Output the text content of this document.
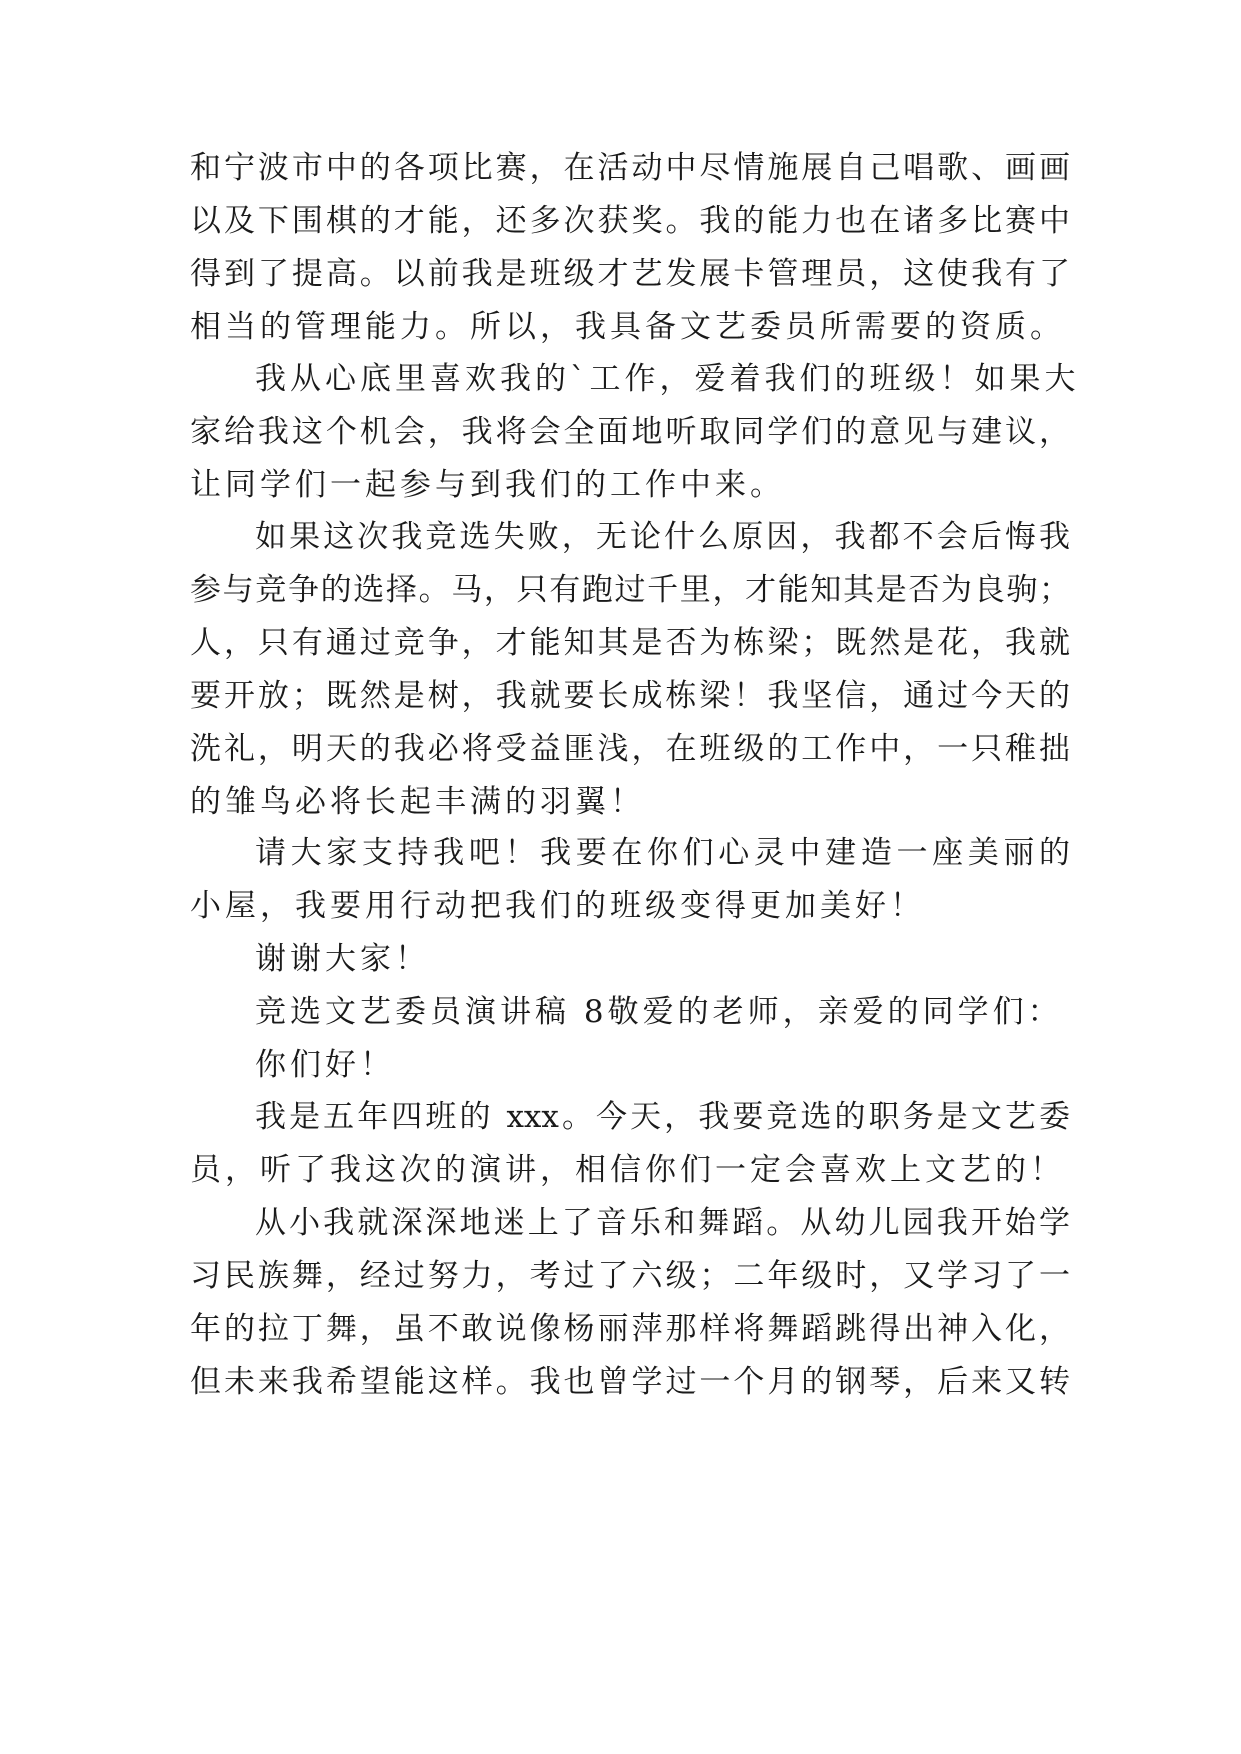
和宁波市中的各项比赛，在活动中尽情施展自己唱歌、画画
以及下围棋的才能，还多次获奖。我的能力也在诸多比赛中
得到了提高。以前我是班级才艺发展卡管理员，这使我有了
相当的管理能力。所以，我具备文艺委员所需要的资质。
我从心底里喜欢我的`工作，爱着我们的班级！如果大
家给我这个机会，我将会全面地听取同学们的意见与建议，
让同学们一起参与到我们的工作中来。
如果这次我竞选失败，无论什么原因，我都不会后悔我
参与竞争的选择。马，只有跑过千里，才能知其是否为良驹；
人，只有通过竞争，才能知其是否为栋梁；既然是花，我就
要开放；既然是树，我就要长成栋梁！我坚信，通过今天的
洗礼，明天的我必将受益匪浅，在班级的工作中，一只稚拙
的雏鸟必将长起丰满的羽翼！
请大家支持我吧！我要在你们心灵中建造一座美丽的
小屋，我要用行动把我们的班级变得更加美好！
谢谢大家！
竞选文艺委员演讲稿 8敬爱的老师，亲爱的同学们：
你们好！
我是五年四班的 xxx。今天，我要竞选的职务是文艺委
员，听了我这次的演讲，相信你们一定会喜欢上文艺的！
从小我就深深地迷上了音乐和舞蹈。从幼儿园我开始学
习民族舞，经过努力，考过了六级；二年级时，又学习了一
年的拉丁舞，虽不敢说像杨丽萍那样将舞蹈跳得出神入化，
但未来我希望能这样。我也曾学过一个月的钢琴，后来又转
